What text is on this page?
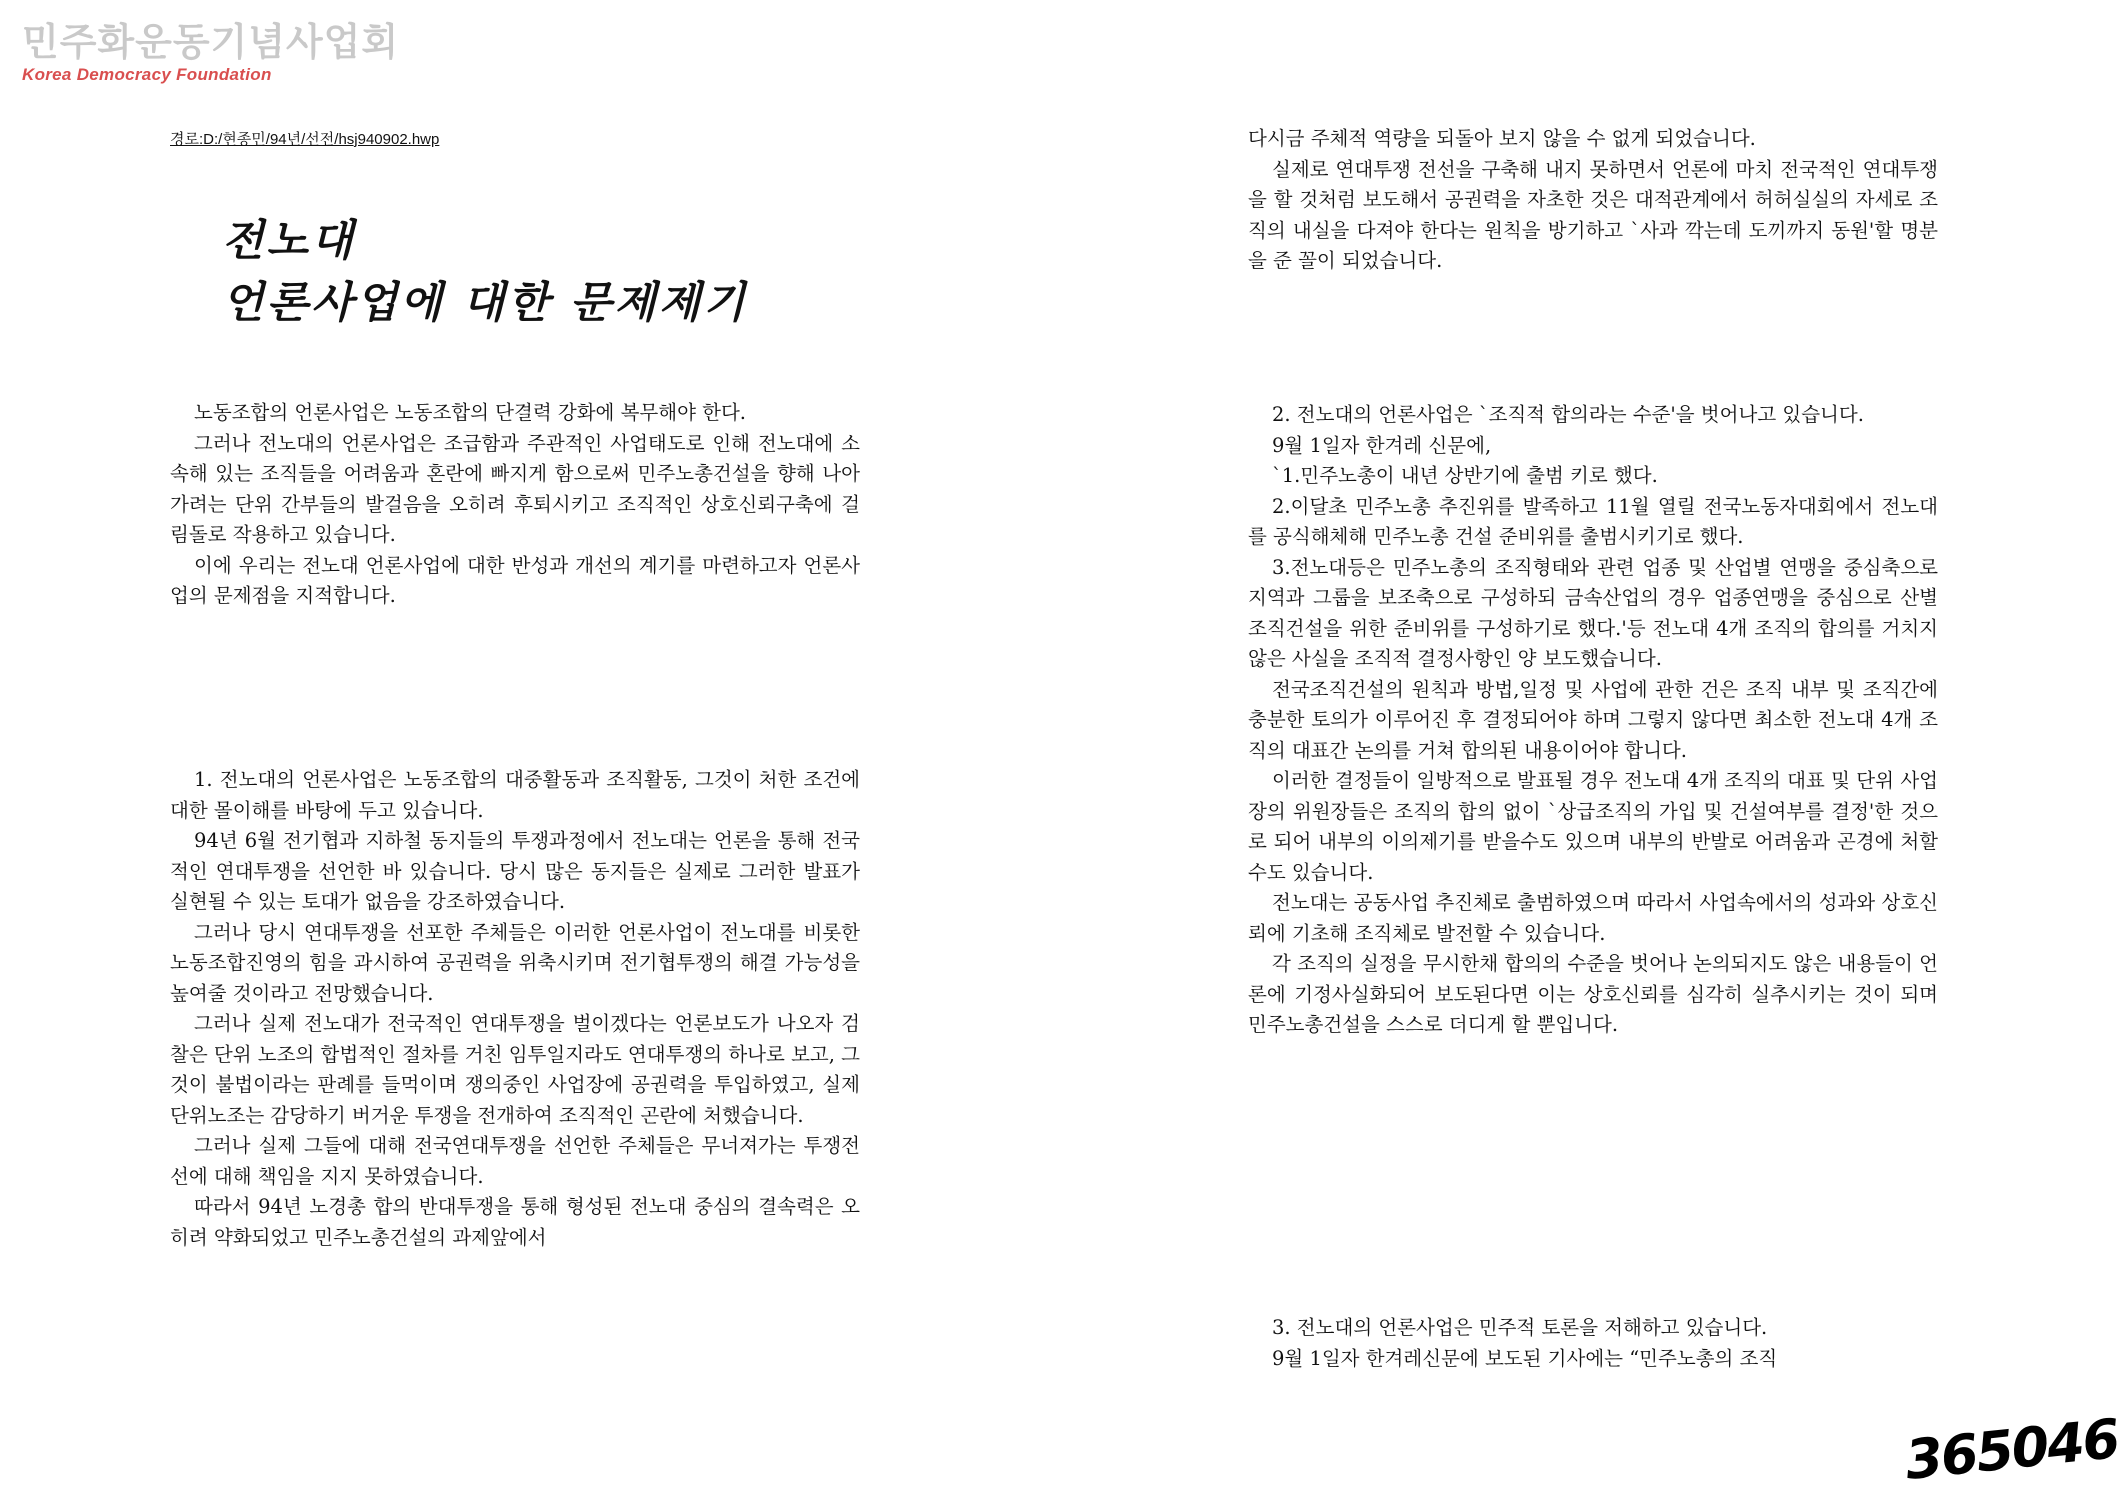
민주화운동기념사업회
Korea Democracy Foundation
경로:D:/현종민/94년/선전/hsj940902.hwp
전노대
언론사업에 대한 문제제기

노동조합의 언론사업은 노동조합의 단결력 강화에 복무해야 한다.

그러나 전노대의 언론사업은 조급함과 주관적인 사업태도로 인해 전노대에 소속해 있는 조직들을 어려움과 혼란에 빠지게 함으로써 민주노총건설을 향해 나아가려는 단위 간부들의 발걸음을 오히려 후퇴시키고 조직적인 상호신뢰구축에 걸림돌로 작용하고 있습니다.

이에 우리는 전노대 언론사업에 대한 반성과 개선의 계기를 마련하고자 언론사업의 문제점을 지적합니다.

1. 전노대의 언론사업은 노동조합의 대중활동과 조직활동, 그것이 처한 조건에 대한 몰이해를 바탕에 두고 있습니다.

94년 6월 전기협과 지하철 동지들의 투쟁과정에서 전노대는 언론을 통해 전국적인 연대투쟁을 선언한 바 있습니다. 당시 많은 동지들은 실제로 그러한 발표가 실현될 수 있는 토대가 없음을 강조하였습니다.

그러나 당시 연대투쟁을 선포한 주체들은 이러한 언론사업이 전노대를 비롯한 노동조합진영의 힘을 과시하여 공권력을 위축시키며 전기협투쟁의 해결 가능성을 높여줄 것이라고 전망했습니다.

그러나 실제 전노대가 전국적인 연대투쟁을 벌이겠다는 언론보도가 나오자 검찰은 단위 노조의 합법적인 절차를 거친 임투일지라도 연대투쟁의 하나로 보고, 그것이 불법이라는 판례를 들먹이며 쟁의중인 사업장에 공권력을 투입하였고, 실제 단위노조는 감당하기 버거운 투쟁을 전개하여 조직적인 곤란에 처했습니다.

그러나 실제 그들에 대해 전국연대투쟁을 선언한 주체들은 무너져가는 투쟁전선에 대해 책임을 지지 못하였습니다.

따라서 94년 노경총 합의 반대투쟁을 통해 형성된 전노대 중심의 결속력은 오히려 약화되었고 민주노총건설의 과제앞에서

다시금 주체적 역량을 되돌아 보지 않을 수 없게 되었습니다.

실제로 연대투쟁 전선을 구축해 내지 못하면서 언론에 마치 전국적인 연대투쟁을 할 것처럼 보도해서 공권력을 자초한 것은 대적관계에서 허허실실의 자세로 조직의 내실을 다져야 한다는 원칙을 방기하고 `사과 깍는데 도끼까지 동원'할 명분을 준 꼴이 되었습니다.

2. 전노대의 언론사업은 `조직적 합의라는 수준'을 벗어나고 있습니다.

9월 1일자 한겨레 신문에,

`1.민주노총이 내년 상반기에 출범 키로 했다.

2.이달초 민주노총 추진위를 발족하고 11월 열릴 전국노동자대회에서 전노대를 공식해체해 민주노총 건설 준비위를 출범시키기로 했다.

3.전노대등은 민주노총의 조직형태와 관련 업종 및 산업별 연맹을 중심축으로 지역과 그룹을 보조축으로 구성하되 금속산업의 경우 업종연맹을 중심으로 산별조직건설을 위한 준비위를 구성하기로 했다.'등 전노대 4개 조직의 합의를 거치지 않은 사실을 조직적 결정사항인 양 보도했습니다.

전국조직건설의 원칙과 방법,일정 및 사업에 관한 건은 조직 내부 및 조직간에 충분한 토의가 이루어진 후 결정되어야 하며 그렇지 않다면 최소한 전노대 4개 조직의 대표간 논의를 거쳐 합의된 내용이어야 합니다.

이러한 결정들이 일방적으로 발표될 경우 전노대 4개 조직의 대표 및 단위 사업장의 위원장들은 조직의 합의 없이 `상급조직의 가입 및 건설여부를 결정'한 것으로 되어 내부의 이의제기를 받을수도 있으며 내부의 반발로 어려움과 곤경에 처할 수도 있습니다.

전노대는 공동사업 추진체로 출범하였으며 따라서 사업속에서의 성과와 상호신뢰에 기초해 조직체로 발전할 수 있습니다.

각 조직의 실정을 무시한채 합의의 수준을 벗어나 논의되지도 않은 내용들이 언론에 기정사실화되어 보도된다면 이는 상호신뢰를 심각히 실추시키는 것이 되며 민주노총건설을 스스로 더디게 할 뿐입니다.

3. 전노대의 언론사업은 민주적 토론을 저해하고 있습니다.

9월 1일자 한겨레신문에 보도된 기사에는 “민주노총의 조직

365046
